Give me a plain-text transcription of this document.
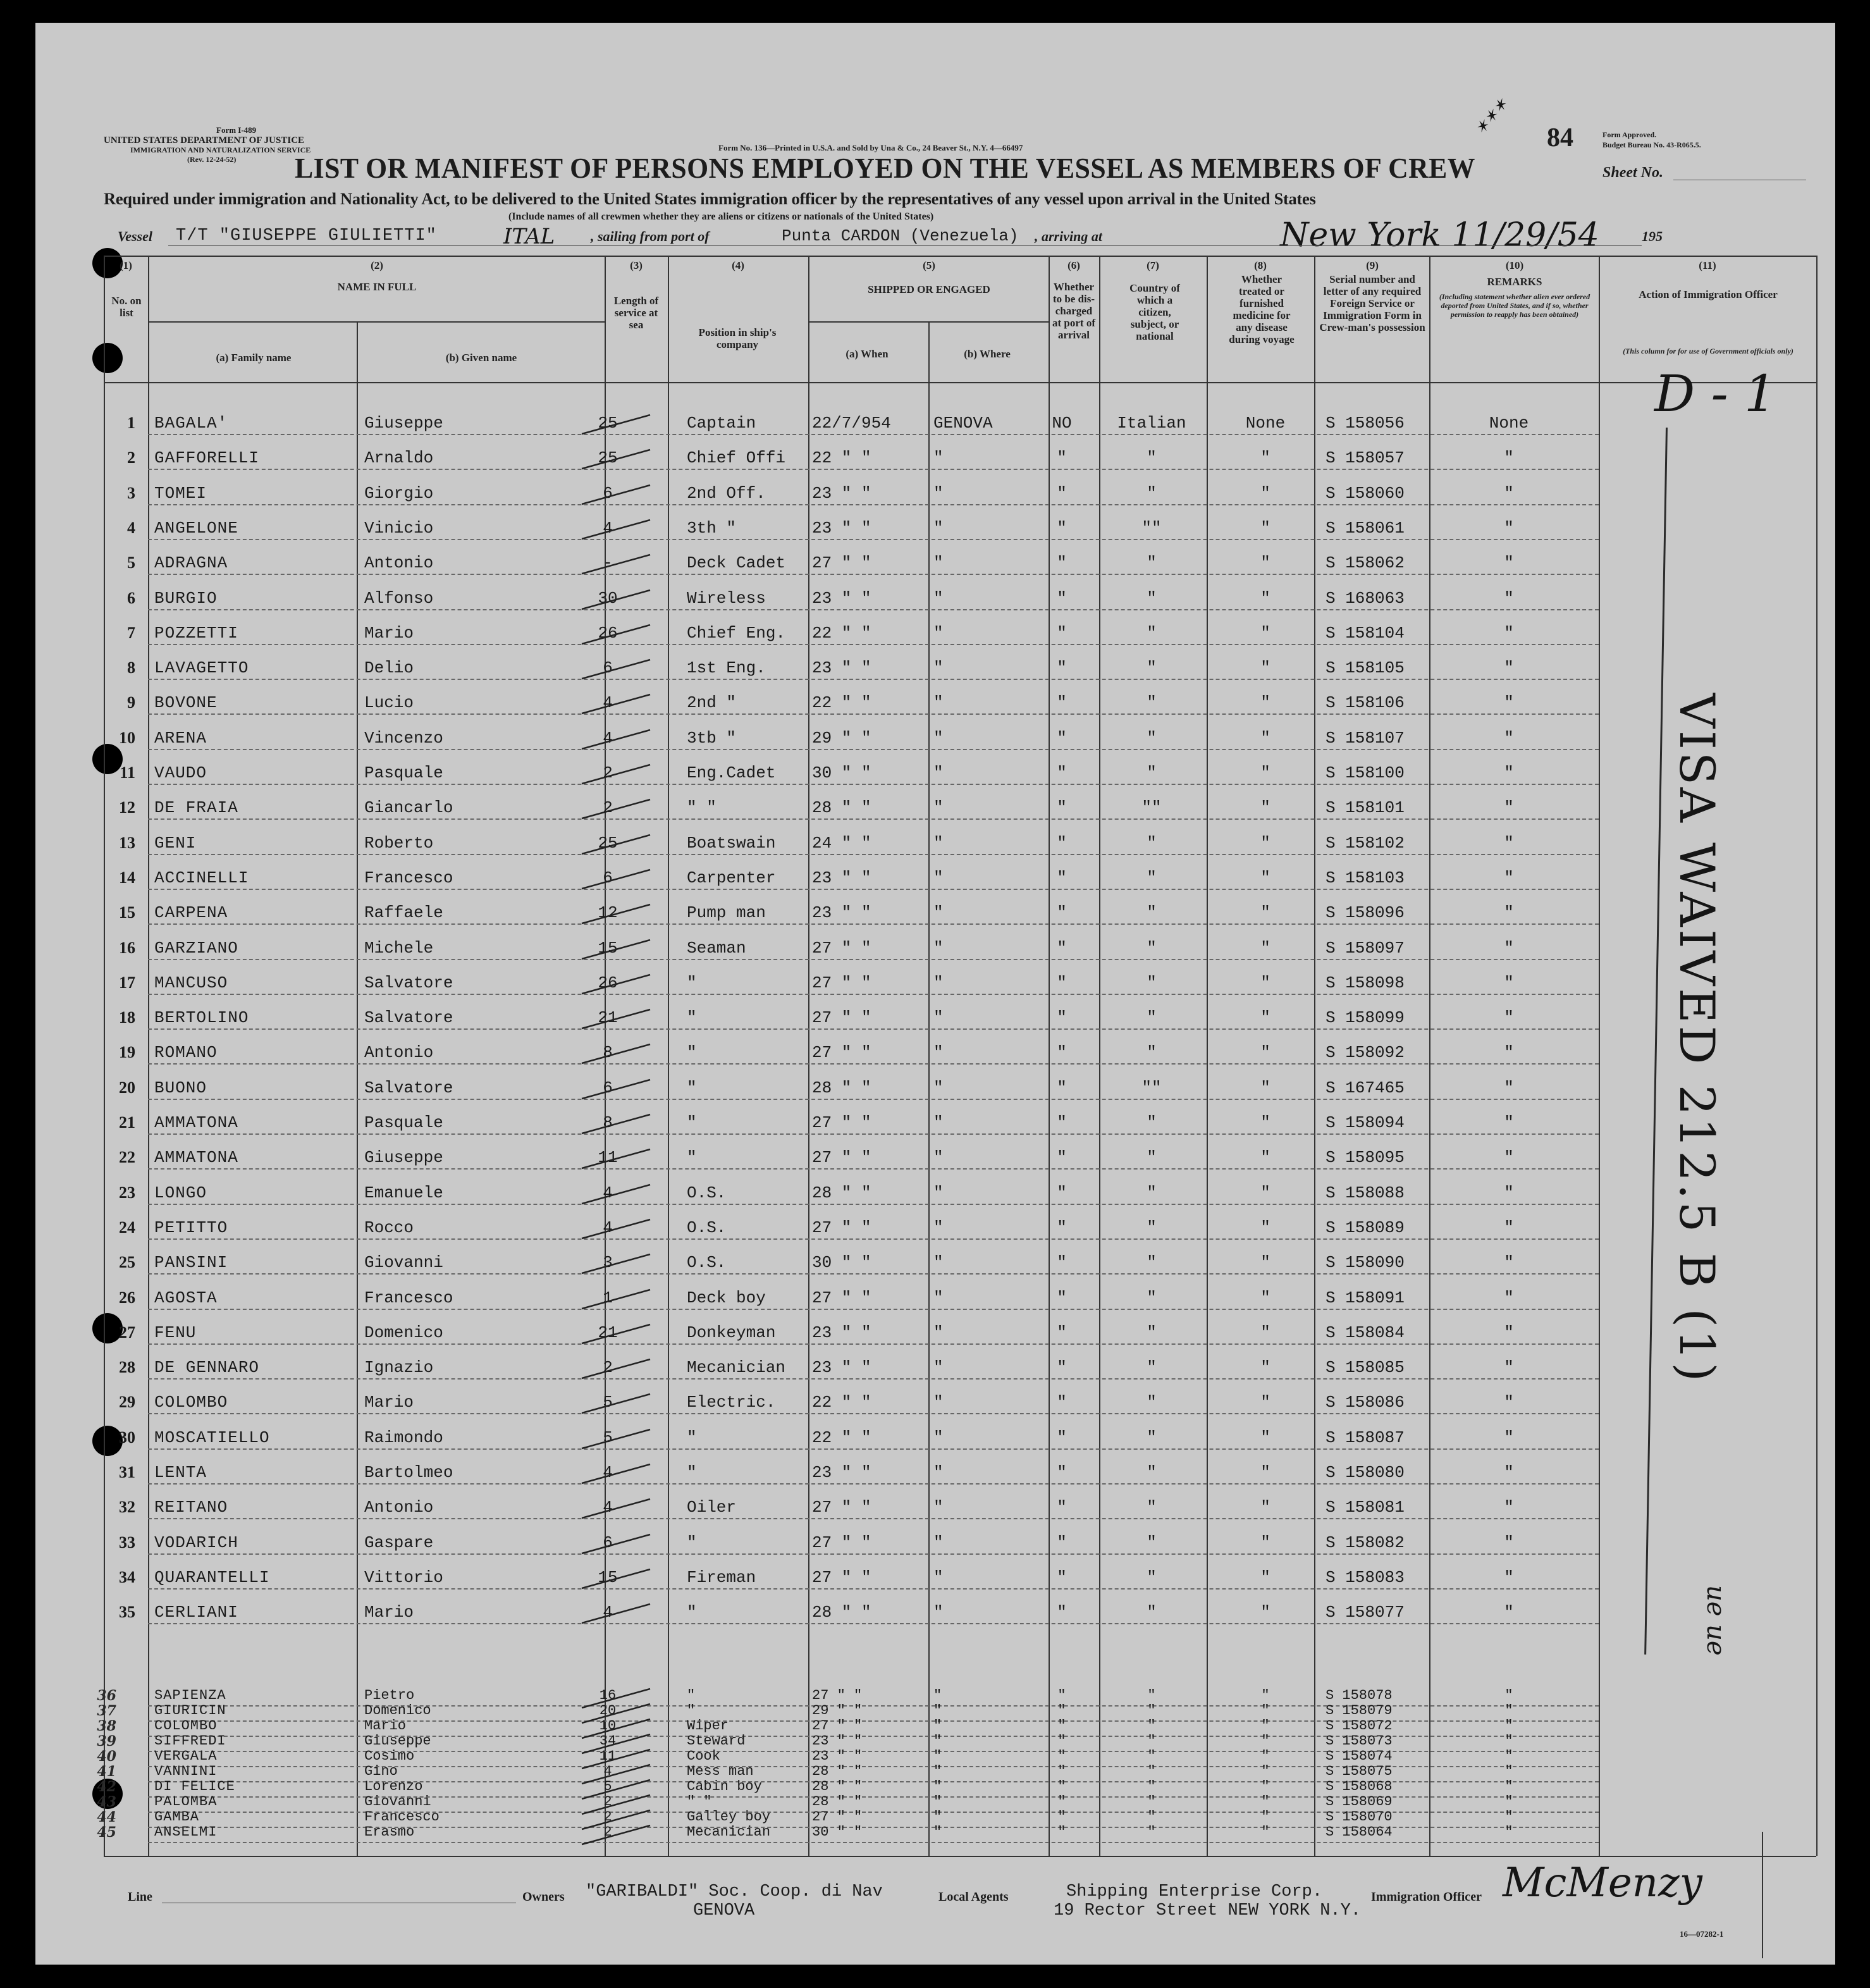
Form I-489
UNITED STATES DEPARTMENT OF JUSTICE
IMMIGRATION AND NATURALIZATION SERVICE
(Rev. 12-24-52)
Form No. 136—Printed in U.S.A. and Sold by Una & Co., 24 Beaver St., N.Y. 4—66497
✶✶✶ 84	Form Approved.
Budget Bureau No. 43-R065.5.
LIST OR MANIFEST OF PERSONS EMPLOYED ON THE VESSEL AS MEMBERS OF CREW	Sheet No.
Required under immigration and Nationality Act, to be delivered to the United States immigration officer by the representatives of any vessel upon arrival in the United States
(Include names of all crewmen whether they are aliens or citizens or nationals of the United States)
Vessel T/T "GIUSEPPE GIULIETTI"	ITAL	, sailing from port of	Punta CARDON (Venezuela) , arriving at	New York 11/29/54	195
(1)
No. on list
(2)
NAME IN FULL
(a) Family name	(b) Given name
(3)
Length of service at sea
(4)
Position in ship's company
(5)
SHIPPED OR ENGAGED
(a) When	(b) Where
(6)
Whether to be dis-charged at port of arrival
(7)
Country of which a citizen, subject, or national
(8)
Whether treated or furnished medicine for any disease during voyage
(9)
Serial number and letter of any required Foreign Service or Immigration Form in Crew-man's possession
(10)
REMARKS
(Including statement whether alien ever ordered deported from United States, and if so, whether permission to reapply has been obtained)
(11)
Action of Immigration Officer
(This column for for use of Government officials only)
1 BAGALA'	Giuseppe	25	Captain	22/7/954	GENOVA	NO	Italian	None	S 158056	None
2 GAFFORELLI	Arnaldo	25	Chief Offi 22 " "	"	"	"	"	S 158057	"
3 TOMEI	Giorgio	6	2nd Off.	23 " "	"	"	"	"	S 158060	"
4 ANGELONE	Vinicio	4	3th "	23 " "	"	"	""	"	S 158061	"
5 ADRAGNA	Antonio	-	Deck Cadet 27 " "	"	"	"	"	S 158062	"
6 BURGIO	Alfonso	30	Wireless	23 " "	"	"	"	"	S 168063	"
7 POZZETTI	Mario	26	Chief Eng. 22 " "	"	"	"	"	S 158104	"
8 LAVAGETTO	Delio	6	1st Eng.	23 " "	"	"	"	"	S 158105	"
9 BOVONE	Lucio	4	2nd "	22 " "	"	"	"	"	S 158106	"
10 ARENA	Vincenzo	4	3tb "	29 " "	"	"	"	"	S 158107	"
11 VAUDO	Pasquale	2	Eng.Cadet 30 " "	"	"	"	"	S 158100	"
12 DE FRAIA	Giancarlo	2	" "	28 " "	"	"	""	"	S 158101	"
13 GENI	Roberto	25	Boatswain 24 " "	"	"	"	"	S 158102	"
14 ACCINELLI	Francesco	6	Carpenter 23 " "	"	"	"	"	S 158103	"
15 CARPENA	Raffaele	12	Pump man	23 " "	"	"	"	"	S 158096	"
16 GARZIANO	Michele	15	Seaman	27 " "	"	"	"	"	S 158097	"
17 MANCUSO	Salvatore	26	"	27 " "	"	"	"	"	S 158098	"
18 BERTOLINO	Salvatore	21	"	27 " "	"	"	"	"	S 158099	"
19 ROMANO	Antonio	8	"	27 " "	"	"	"	"	S 158092	"
20 BUONO	Salvatore	6	"	28 " "	"	"	""	"	S 167465	"
21 AMMATONA	Pasquale	8	"	27 " "	"	"	"	"	S 158094	"
22 AMMATONA	Giuseppe	11	"	27 " "	"	"	"	"	S 158095	"
23 LONGO	Emanuele	4	O.S.	28 " "	"	"	"	"	S 158088	"
24 PETITTO	Rocco	4	O.S.	27 " "	"	"	"	"	S 158089	"
25 PANSINI	Giovanni	3	O.S.	30 " "	"	"	"	"	S 158090	"
26 AGOSTA	Francesco	1	Deck boy	27 " "	"	"	"	"	S 158091	"
27 FENU	Domenico	21	Donkeyman 23 " "	"	"	"	"	S 158084	"
28 DE GENNARO	Ignazio	2	Mecanician 23 " "	"	"	"	"	S 158085	"
29 COLOMBO	Mario	5	Electric. 22 " "	"	"	"	"	S 158086	"
30 MOSCATIELLO	Raimondo	5	"	22 " "	"	"	"	"	S 158087	"
31 LENTA	Bartolmeo	4	"	23 " "	"	"	"	"	S 158080	"
32 REITANO	Antonio	4	Oiler	27 " "	"	"	"	"	S 158081	"
33 VODARICH	Gaspare	6	"	27 " "	"	"	"	"	S 158082	"
34 QUARANTELLI	Vittorio	15	Fireman	27 " "	"	"	"	"	S 158083	"
35 CERLIANI	Mario	4	"	28 " "	"	"	"	"	S 158077	"
36	SAPIENZA	Pietro	16	"	27 " "	"	"	"	"	S 158078	"
37	GIURICIN	Domenico	20	"	29 " "	"	"	"	"	S 158079	"
38	COLOMBO	Mario	10	Wiper	27 " "	"	"	"	"	S 158072	"
39	SIFFREDI	Giuseppe	34	Steward	23 " "	"	"	"	"	S 158073	"
40	VERGALA	Cosimo	11	Cook	23 " "	"	"	"	"	S 158074	"
41	VANNINI	Gino	4	Mess man	28 " "	"	"	"	"	S 158075	"
42	DI FELICE	Lorenzo	5	Cabin boy	28 " "	"	"	"	"	S 158068	"
43	PALOMBA	Giovanni	2	" "	28 " "	"	"	"	"	S 158069	"
44	GAMBA	Francesco	2	Galley boy	27 " "	"	"	"	"	S 158070	"
45	ANSELMI	Erasmo	2	Mecanician	30 " "	"	"	"	"	S 158064	"
D - 1
VISA WAIVED 212.5 B (1)
ue ue
Line	Owners "GARIBALDI" Soc. Coop. di Nav
GENOVA
Local Agents	Shipping Enterprise Corp.
19 Rector Street NEW YORK N.Y.
Immigration Officer McMenzy
16—07282-1
